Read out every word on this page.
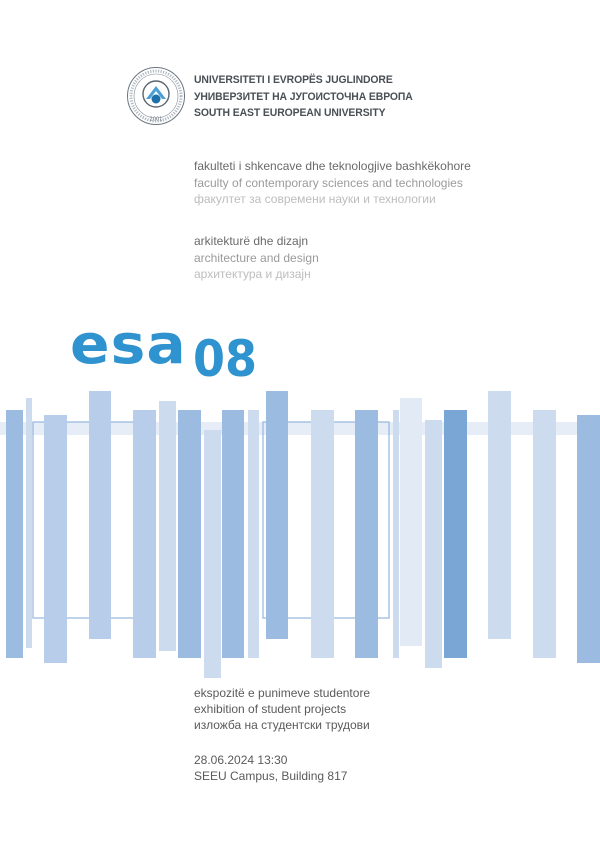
2001
UNIVERSITETI I EVROPËS JUGLINDORE
УНИВЕРЗИТЕТ НА ЈУГОИСТОЧНА ЕВРОПА
SOUTH EAST EUROPEAN UNIVERSITY
fakulteti i shkencave dhe teknologjive bashkëkohore
faculty of contemporary sciences and technologies
факултет за современи науки и технологии
arkitekturë dhe dizajn
architecture and design
архитектура и дизајн
esa 08
ekspozitë e punimeve studentore
exhibition of student projects
изложба на студентски трудови
28.06.2024 13:30
SEEU Campus, Building 817
